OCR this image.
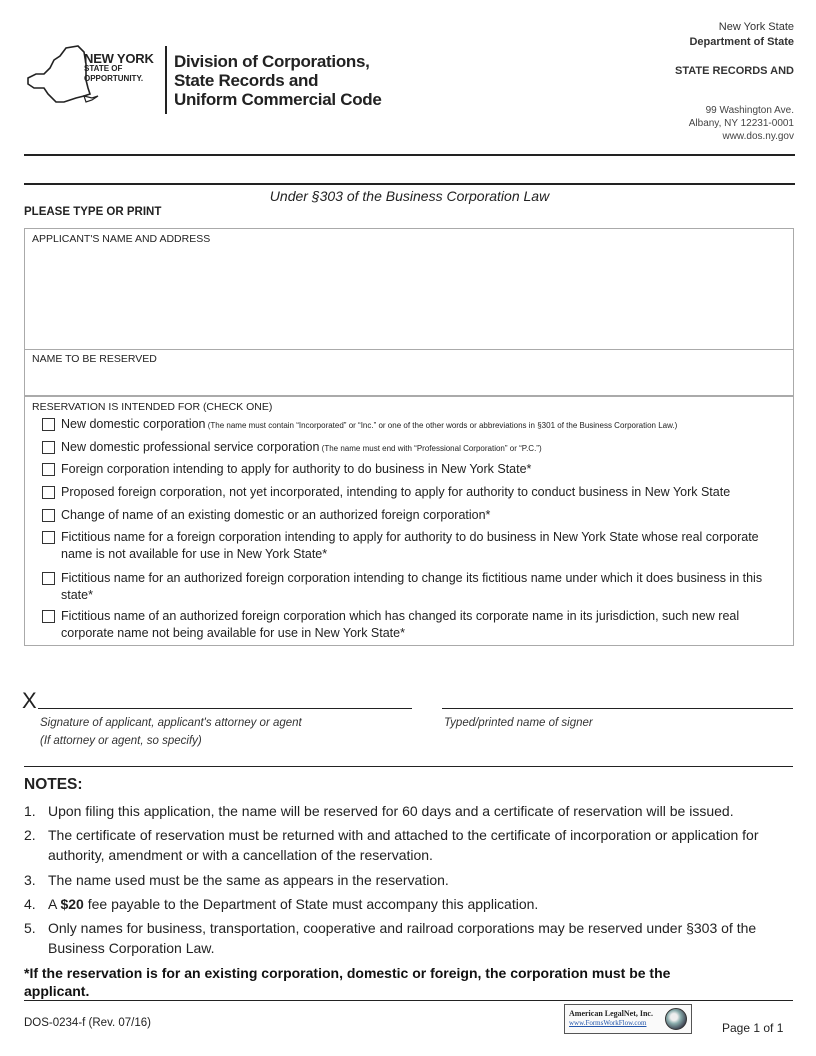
NEW YORK
STATE OF
OPPORTUNITY.
Division of Corporations,
State Records and
Uniform Commercial Code
New York State
Department of State
STATE RECORDS AND
99 Washington Ave.
Albany, NY 12231-0001
www.dos.ny.gov
Under §303 of the Business Corporation Law
PLEASE TYPE OR PRINT
APPLICANT'S NAME AND ADDRESS
NAME TO BE RESERVED
RESERVATION IS INTENDED FOR (CHECK ONE)
New domestic corporation (The name must contain “Incorporated” or “Inc.” or one of the other words or abbreviations in §301 of the Business Corporation Law.)
New domestic professional service corporation (The name must end with “Professional Corporation” or “P.C.”)
Foreign corporation intending to apply for authority to do business in New York State*
Proposed foreign corporation, not yet incorporated, intending to apply for authority to conduct business in New York State
Change of name of an existing domestic or an authorized foreign corporation*
Fictitious name for a foreign corporation intending to apply for authority to do business in New York State whose real corporate name is not available for use in New York State*
Fictitious name for an authorized foreign corporation intending to change its fictitious name under which it does business in this state*
Fictitious name of an authorized foreign corporation which has changed its corporate name in its jurisdiction, such new real corporate name not being available for use in New York State*
X
Signature of applicant, applicant's attorney or agent
(If attorney or agent, so specify)
Typed/printed name of signer
NOTES:
1. Upon filing this application, the name will be reserved for 60 days and a certificate of reservation will be issued.
2. The certificate of reservation must be returned with and attached to the certificate of incorporation or application for authority, amendment or with a cancellation of the reservation.
3. The name used must be the same as appears in the reservation.
4. A $20 fee payable to the Department of State must accompany this application.
5. Only names for business, transportation, cooperative and railroad corporations may be reserved under §303 of the Business Corporation Law.
*If the reservation is for an existing corporation, domestic or foreign, the corporation must be the applicant.
DOS-0234-f (Rev. 07/16)
American LegalNet, Inc.
www.FormsWorkFlow.com	Page 1 of 1
